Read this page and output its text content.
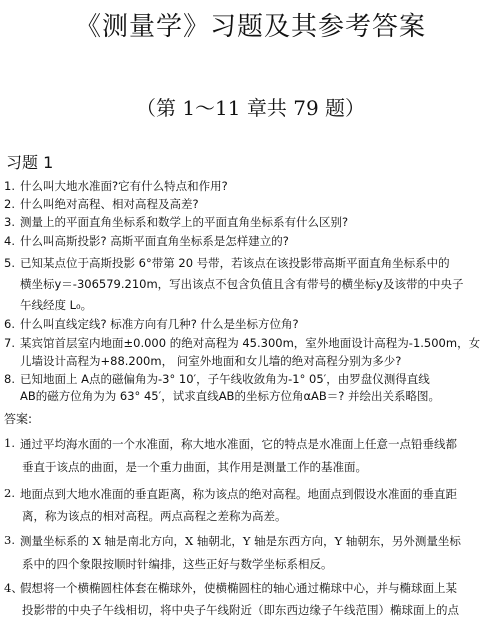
《测量学》习题及其参考答案
（第 1～11 章共 79 题）
习题 1
1. 什么叫大地水准面?它有什么特点和作用?
2. 什么叫绝对高程、相对高程及高差?
3. 测量上的平面直角坐标系和数学上的平面直角坐标系有什么区别?
4. 什么叫高斯投影? 高斯平面直角坐标系是怎样建立的?
5. 已知某点位于高斯投影 6°带第 20 号带，若该点在该投影带高斯平面直角坐标系中的
横坐标y＝-306579.210m，写出该点不包含负值且含有带号的横坐标y及该带的中央子
午线经度 L₀。
6. 什么叫直线定线? 标准方向有几种? 什么是坐标方位角?
7. 某宾馆首层室内地面±0.000 的绝对高程为 45.300m，室外地面设计高程为-1.500m，女
儿墙设计高程为+88.200m， 问室外地面和女儿墙的绝对高程分别为多少?
8. 已知地面上 A点的磁偏角为-3° 10′，子午线收敛角为-1° 05′，由罗盘仪测得直线
AB的磁方位角为为 63° 45′，试求直线AB的坐标方位角αAB＝? 并绘出关系略图。
答案:
1. 通过平均海水面的一个水准面，称大地水准面，它的特点是水准面上任意一点铅垂线都
垂直于该点的曲面，是一个重力曲面，其作用是测量工作的基准面。
2. 地面点到大地水准面的垂直距离，称为该点的绝对高程。地面点到假设水准面的垂直距
离，称为该点的相对高程。两点高程之差称为高差。
3. 测量坐标系的 X 轴是南北方向，X 轴朝北，Y 轴是东西方向，Y 轴朝东，另外测量坐标
系中的四个象限按顺时针编排，这些正好与数学坐标系相反。
4、
假想将一个横椭圆柱体套在椭球外，使横椭圆柱的轴心通过椭球中心，并与椭球面上某
投影带的中央子午线相切，将中央子午线附近（即东西边缘子午线范围）椭球面上的点
